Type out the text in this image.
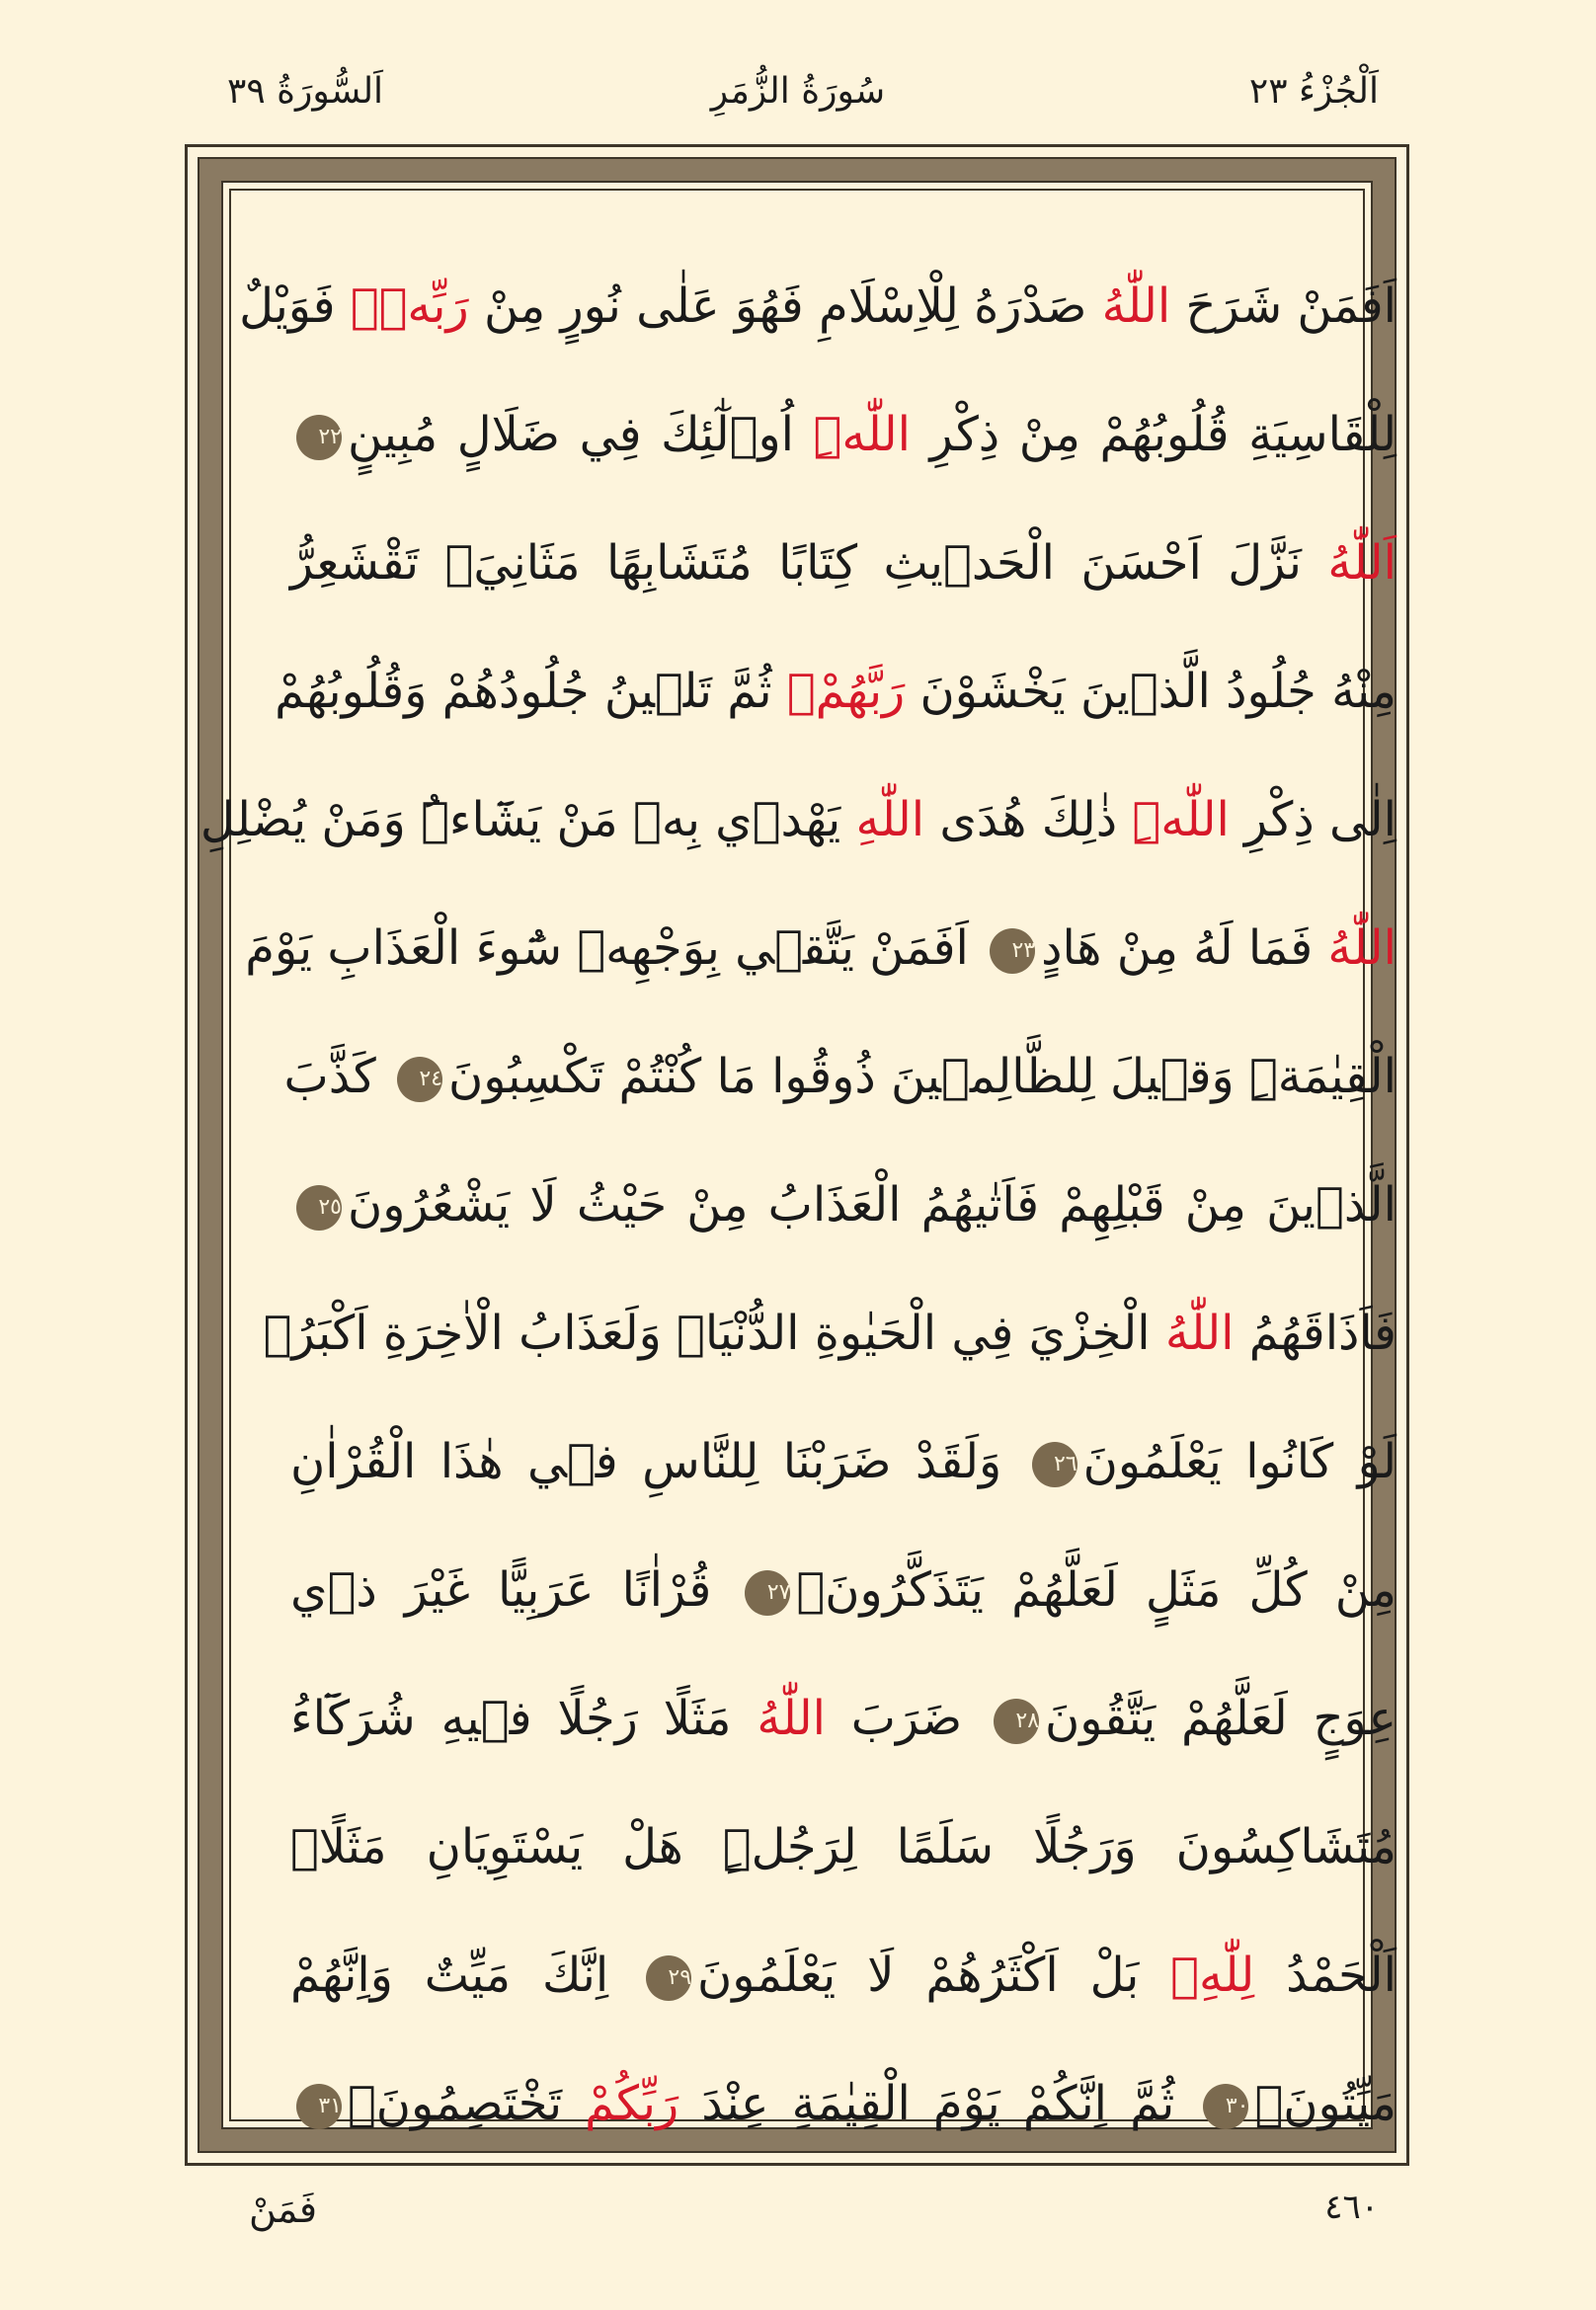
اَلْجُزْءُ ٢٣
سُورَةُ الزُّمَرِ
اَلسُّورَةُ ٣٩
اَفَمَنْ شَرَحَ اللّٰهُ صَدْرَهُ لِلْاِسْلَامِ فَهُوَ عَلٰى نُورٍ مِنْ رَبِّهٖۜ فَوَيْلٌ
لِلْقَاسِيَةِ قُلُوبُهُمْ مِنْ ذِكْرِ اللّٰهِۜ اُو۬لٰٓئِكَ فِي ضَلَالٍ مُبِينٍ٢٢
اَللّٰهُ نَزَّلَ اَحْسَنَ الْحَدٖيثِ كِتَابًا مُتَشَابِهًا مَثَانِيَۗ تَقْشَعِرُّ
مِنْهُ جُلُودُ الَّذٖينَ يَخْشَوْنَ رَبَّهُمْۚ ثُمَّ تَلٖينُ جُلُودُهُمْ وَقُلُوبُهُمْ
اِلٰى ذِكْرِ اللّٰهِۜ ذٰلِكَ هُدَى اللّٰهِ يَهْدٖي بِهٖ مَنْ يَشَٓاءُۜ وَمَنْ يُضْلِلِ
اللّٰهُ فَمَا لَهُ مِنْ هَادٍ٢٣ اَفَمَنْ يَتَّقٖي بِوَجْهِهٖ سُٓوءَ الْعَذَابِ يَوْمَ
الْقِيٰمَةِۜ وَقٖيلَ لِلظَّالِمٖينَ ذُوقُوا مَا كُنْتُمْ تَكْسِبُونَ٢٤ كَذَّبَ
الَّذٖينَ مِنْ قَبْلِهِمْ فَاَتٰيهُمُ الْعَذَابُ مِنْ حَيْثُ لَا يَشْعُرُونَ٢٥
فَاَذَاقَهُمُ اللّٰهُ الْخِزْيَ فِي الْحَيٰوةِ الدُّنْيَاۚ وَلَعَذَابُ الْاٰخِرَةِ اَكْبَرُۢ
لَوْ كَانُوا يَعْلَمُونَ٢٦ وَلَقَدْ ضَرَبْنَا لِلنَّاسِ فٖي هٰذَا الْقُرْاٰنِ
مِنْ كُلِّ مَثَلٍ لَعَلَّهُمْ يَتَذَكَّرُونَۚ٢٧ قُرْاٰنًا عَرَبِيًّا غَيْرَ ذٖي
عِوَجٍ لَعَلَّهُمْ يَتَّقُونَ٢٨ ضَرَبَ اللّٰهُ مَثَلًا رَجُلًا فٖيهِ شُرَكَٓاءُ
مُتَشَاكِسُونَ وَرَجُلًا سَلَمًا لِرَجُلٍۜ هَلْ يَسْتَوِيَانِ مَثَلًاۜ
اَلْحَمْدُ لِلّٰهِۚ بَلْ اَكْثَرُهُمْ لَا يَعْلَمُونَ٢٩ اِنَّكَ مَيِّتٌ وَاِنَّهُمْ
مَيِّتُونَۘ٣٠ ثُمَّ اِنَّكُمْ يَوْمَ الْقِيٰمَةِ عِنْدَ رَبِّكُمْ تَخْتَصِمُونَۙ٣١
٤٦٠
فَمَنْ
